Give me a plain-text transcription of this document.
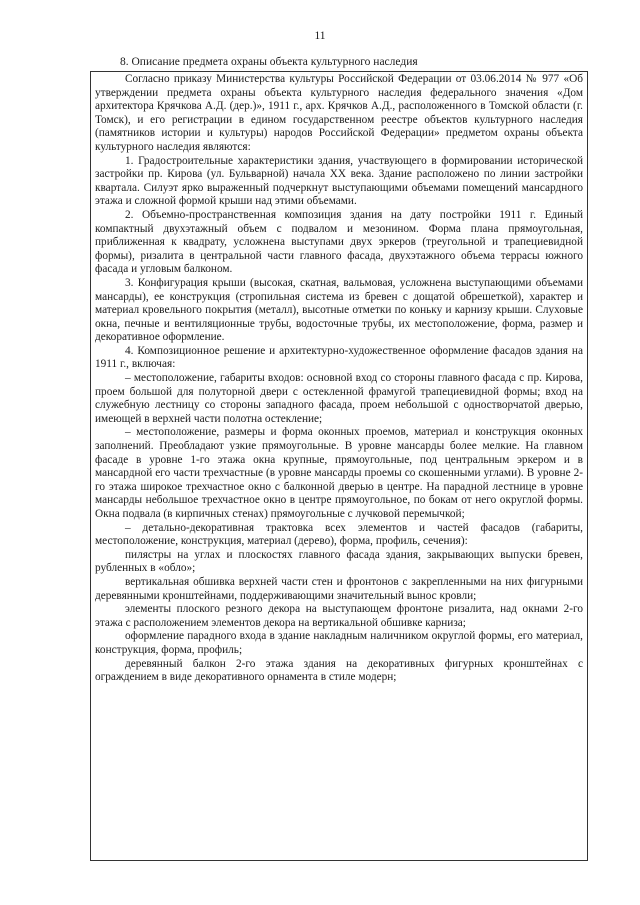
11
8. Описание предмета охраны объекта культурного наследия

Согласно приказу Министерства культуры Российской Федерации от 03.06.2014 № 977 «Об утверждении предмета охраны объекта культурного наследия федерального значения «Дом архитектора Крячкова А.Д. (дер.)», 1911 г., арх. Крячков А.Д., расположенного в Томской области (г. Томск), и его регистрации в едином государственном реестре объектов культурного наследия (памятников истории и культуры) народов Российской Федерации» предметом охраны объекта культурного наследия являются:

1. Градостроительные характеристики здания, участвующего в формировании исторической застройки пр. Кирова (ул. Бульварной) начала XX века. Здание расположено по линии застройки квартала. Силуэт ярко выраженный подчеркнут выступающими объемами помещений мансардного этажа и сложной формой крыши над этими объемами.

2. Объемно-пространственная композиция здания на дату постройки 1911 г. Единый компактный двухэтажный объем с подвалом и мезонином. Форма плана прямоугольная, приближенная к квадрату, усложнена выступами двух эркеров (треугольной и трапециевидной формы), ризалита в центральной части главного фасада, двухэтажного объема террасы южного фасада и угловым балконом.

3. Конфигурация крыши (высокая, скатная, вальмовая, усложнена выступающими объемами мансарды), ее конструкция (стропильная система из бревен с дощатой обрешеткой), характер и материал кровельного покрытия (металл), высотные отметки по коньку и карнизу крыши. Слуховые окна, печные и вентиляционные трубы, водосточные трубы, их местоположение, форма, размер и декоративное оформление.

4. Композиционное решение и архитектурно-художественное оформление фасадов здания на 1911 г., включая:

– местоположение, габариты входов: основной вход со стороны главного фасада с пр. Кирова, проем большой для полуторной двери с остекленной фрамугой трапециевидной формы; вход на служебную лестницу со стороны западного фасада, проем небольшой с одностворчатой дверью, имеющей в верхней части полотна остекление;

– местоположение, размеры и форма оконных проемов, материал и конструкция оконных заполнений. Преобладают узкие прямоугольные. В уровне мансарды более мелкие. На главном фасаде в уровне 1-го этажа окна крупные, прямоугольные, под центральным эркером и в мансардной его части трехчастные (в уровне мансарды проемы со скошенными углами). В уровне 2-го этажа широкое трехчастное окно с балконной дверью в центре. На парадной лестнице в уровне мансарды небольшое трехчастное окно в центре прямоугольное, по бокам от него округлой формы. Окна подвала (в кирпичных стенах) прямоугольные с лучковой перемычкой;

– детально-декоративная трактовка всех элементов и частей фасадов (габариты, местоположение, конструкция, материал (дерево), форма, профиль, сечения):

пилястры на углах и плоскостях главного фасада здания, закрывающих выпуски бревен, рубленных в «обло»;

вертикальная обшивка верхней части стен и фронтонов с закрепленными на них фигурными деревянными кронштейнами, поддерживающими значительный вынос кровли;

элементы плоского резного декора на выступающем фронтоне ризалита, над окнами 2-го этажа с расположением элементов декора на вертикальной обшивке карниза;

оформление парадного входа в здание накладным наличником округлой формы, его материал, конструкция, форма, профиль;

деревянный балкон 2-го этажа здания на декоративных фигурных кронштейнах с ограждением в виде декоративного орнамента в стиле модерн;
